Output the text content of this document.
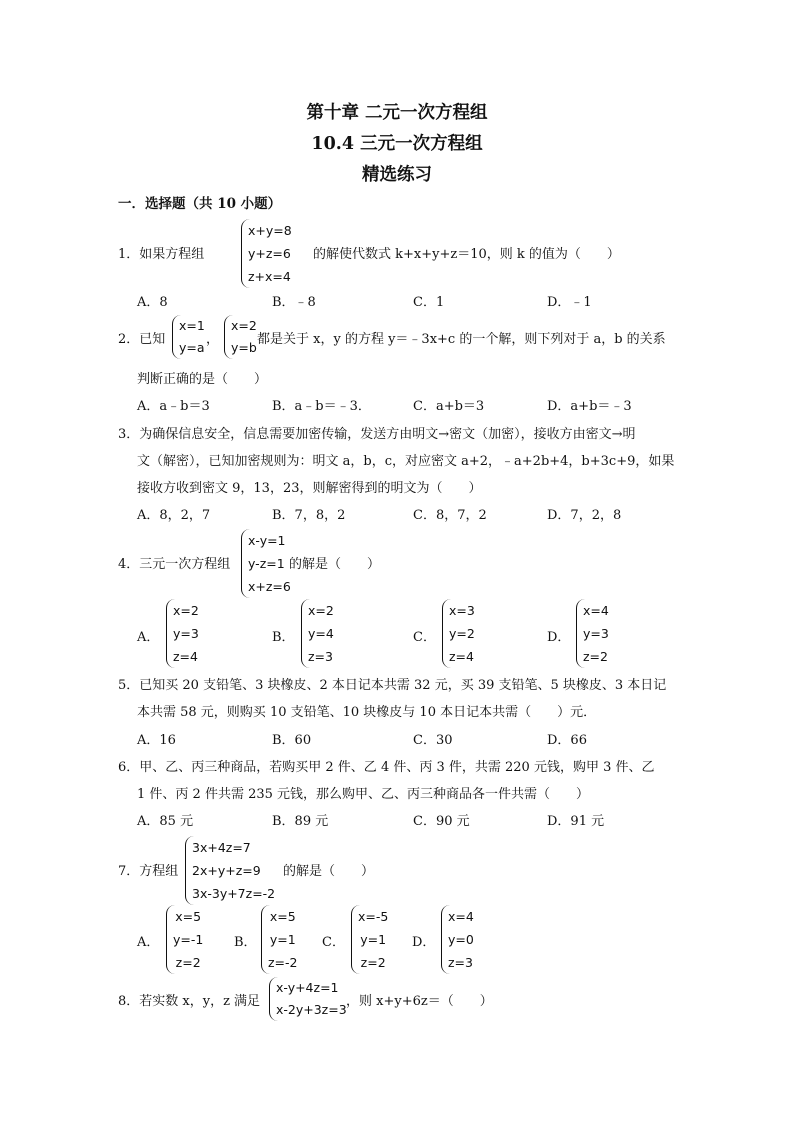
第十章 二元一次方程组
10.4 三元一次方程组
精选练习
一．选择题（共 10 小题）
1．如果方程组
x+y=8
y+z=6
z+x=4
的解使代数式 k+x+y+z＝10，则 k 的值为（　　）
A．8	B．﹣8	C．1	D．﹣1
2．已知
x=1
y=a
，
x=2
y=b
都是关于 x，y 的方程 y＝﹣3x+c 的一个解，则下列对于 a，b 的关系
判断正确的是（　　）
A．a﹣b＝3	B．a﹣b＝﹣3．	C．a+b＝3	D．a+b＝﹣3
3．为确保信息安全，信息需要加密传输，发送方由明文→密文（加密），接收方由密文→明
文（解密），已知加密规则为：明文 a，b，c，对应密文 a+2，﹣a+2b+4，b+3c+9，如果
接收方收到密文 9，13，23，则解密得到的明文为（　　）
A．8，2，7	B．7，8，2	C．8，7，2	D．7，2，8
4．三元一次方程组
x-y=1
y-z=1
x+z=6
的解是（　　）
A．
x=2
y=3
z=4
B．
x=2
y=4
z=3
C．
x=3
y=2
z=4
D．
x=4
y=3
z=2
5．已知买 20 支铅笔、3 块橡皮、2 本日记本共需 32 元，买 39 支铅笔、5 块橡皮、3 本日记
本共需 58 元，则购买 10 支铅笔、10 块橡皮与 10 本日记本共需（　　）元．
A．16	B．60	C．30	D．66
6．甲、乙、丙三种商品，若购买甲 2 件、乙 4 件、丙 3 件，共需 220 元钱，购甲 3 件、乙
1 件、丙 2 件共需 235 元钱，那么购甲、乙、丙三种商品各一件共需（　　）
A．85 元	B．89 元	C．90 元	D．91 元
7．方程组
3x+4z=7
2x+y+z=9
3x-3y+7z=-2
的解是（　　）
A．
x=5
y=-1
z=2
B．
x=5
y=1
z=-2
C．
x=-5
y=1
z=2
D．
x=4
y=0
z=3
8．若实数 x，y，z 满足
x-y+4z=1
x-2y+3z=3
，则 x+y+6z＝（　　）
